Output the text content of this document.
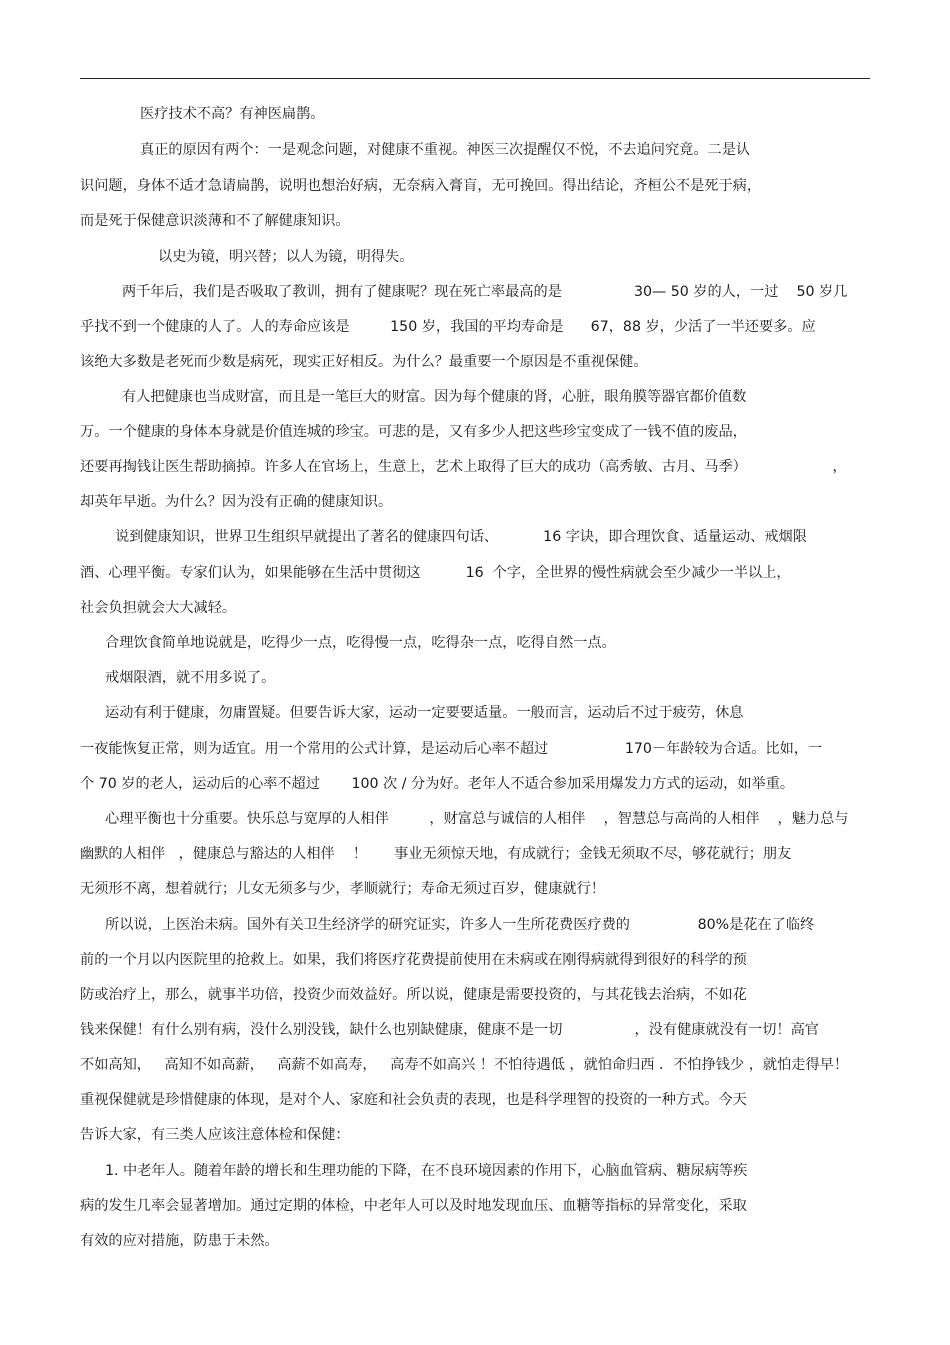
医疗技术不高？有神医扁鹊。
真正的原因有两个：一是观念问题，对健康不重视。神医三次提醒仅不悦，不去追问究竟。二是认
识问题，身体不适才急请扁鹊，说明也想治好病，无奈病入膏肓，无可挽回。得出结论，齐桓公不是死于病，
而是死于保健意识淡薄和不了解健康知识。
以史为镜，明兴替；以人为镜，明得失。
两千年后，我们是否吸取了教训，拥有了健康呢？现在死亡率最高的是                30— 50 岁的人，一过    50 岁几
乎找不到一个健康的人了。人的寿命应该是         150 岁，我国的平均寿命是      67，88 岁，少活了一半还要多。应
该绝大多数是老死而少数是病死，现实正好相反。为什么？最重要一个原因是不重视保健。
有人把健康也当成财富，而且是一笔巨大的财富。因为每个健康的肾，心脏，眼角膜等器官都价值数
万。一个健康的身体本身就是价值连城的珍宝。可悲的是，又有多少人把这些珍宝变成了一钱不值的废品，
还要再掏钱让医生帮助摘掉。许多人在官场上，生意上，艺术上取得了巨大的成功（高秀敏、古月、马季）                   ，
却英年早逝。为什么？因为没有正确的健康知识。
说到健康知识，世界卫生组织早就提出了著名的健康四句话、          16 字诀，即合理饮食、适量运动、戒烟限
酒、心理平衡。专家们认为，如果能够在生活中贯彻这          16  个字，全世界的慢性病就会至少减少一半以上，
社会负担就会大大减轻。
合理饮食简单地说就是，吃得少一点，吃得慢一点，吃得杂一点，吃得自然一点。
戒烟限酒，就不用多说了。
运动有利于健康，勿庸置疑。但要告诉大家，运动一定要要适量。一般而言，运动后不过于疲劳，休息
一夜能恢复正常，则为适宜。用一个常用的公式计算，是运动后心率不超过                 170－年龄较为合适。比如，一
个 70 岁的老人，运动后的心率不超过       100 次 / 分为好。老年人不适合参加采用爆发力方式的运动，如举重。
心理平衡也十分重要。快乐总与宽厚的人相伴         ，财富总与诚信的人相伴    ，智慧总与高尚的人相伴    ，魅力总与
幽默的人相伴   ，健康总与豁达的人相伴    ！      事业无须惊天地，有成就行；金钱无须取不尽，够花就行；朋友
无须形不离，想着就行；儿女无须多与少，孝顺就行；寿命无须过百岁，健康就行！
所以说，上医治未病。国外有关卫生经济学的研究证实，许多人一生所花费医疗费的               80%是花在了临终
前的一个月以内医院里的抢救上。如果，我们将医疗花费提前使用在未病或在刚得病就得到很好的科学的预
防或治疗上，那么，就事半功倍，投资少而效益好。所以说，健康是需要投资的，与其花钱去治病，不如花
钱来保健！有什么别有病，没什么别没钱，缺什么也别缺健康，健康不是一切                ，没有健康就没有一切！高官
不如高知，   高知不如高薪，   高薪不如高寿，   高寿不如高兴 ！不怕待遇低 ，就怕命归西 ．不怕挣钱少 ，就怕走得早！
重视保健就是珍惜健康的体现，是对个人、家庭和社会负责的表现，也是科学理智的投资的一种方式。今天
告诉大家，有三类人应该注意体检和保健：
1. 中老年人。随着年龄的增长和生理功能的下降，在不良环境因素的作用下，心脑血管病、糖尿病等疾
病的发生几率会显著增加。通过定期的体检，中老年人可以及时地发现血压、血糖等指标的异常变化，采取
有效的应对措施，防患于未然。
